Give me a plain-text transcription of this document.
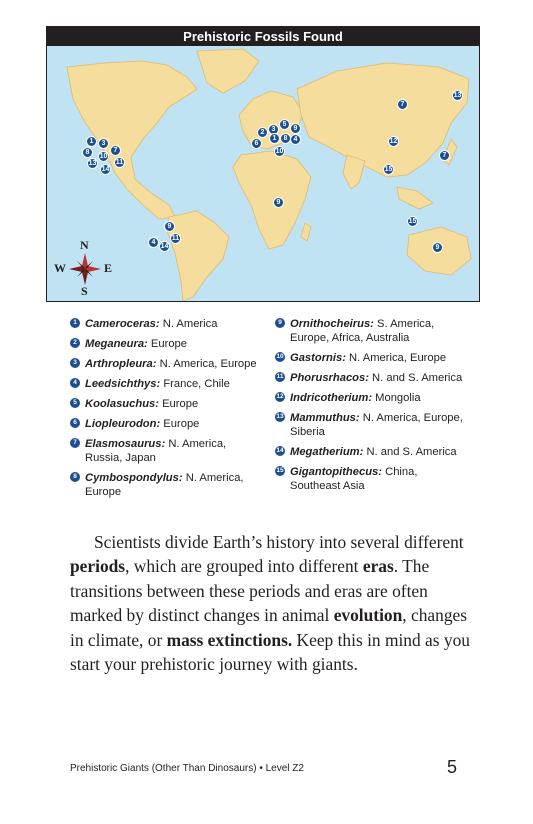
Prehistoric Fossils Found
N
S
E
W
1	3
8	7
10
13	11
14
9
4
14
11
5
3
2
1	8
9
4
6
10
9
7
13
12
7
15
15
9
1 Cameroceras: N. America
2 Meganeura: Europe
3 Arthropleura: N. America, Europe
4 Leedsichthys: France, Chile
5 Koolasuchus: Europe
6 Liopleurodon: Europe
7 Elasmosaurus: N. America, Russia, Japan
8 Cymbospondylus: N. America, Europe
9 Ornithocheirus: S. America, Europe, Africa, Australia
10 Gastornis: N. America, Europe
11 Phorusrhacos: N. and S. America
12 Indricotherium: Mongolia
13 Mammuthus: N. America, Europe, Siberia
14 Megatherium: N. and S. America
15 Gigantopithecus: China, Southeast Asia

Scientists divide Earth’s history into several different periods, which are grouped into different eras. The transitions between these periods and eras are often marked by distinct changes in animal evolution, changes in climate, or mass extinctions. Keep this in mind as you start your prehistoric journey with giants.

Prehistoric Giants (Other Than Dinosaurs) • Level Z2	5
